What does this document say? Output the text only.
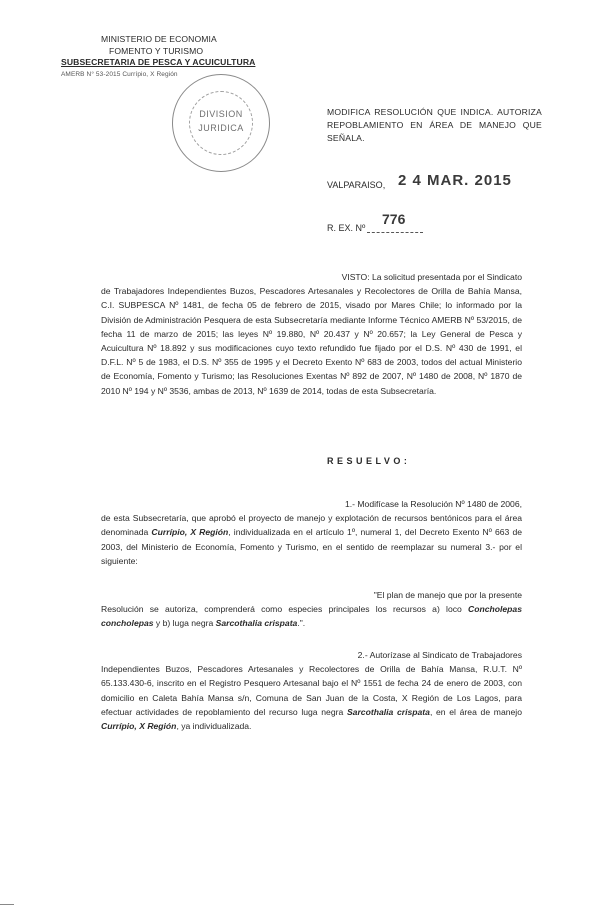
MINISTERIO DE ECONOMIA
FOMENTO Y TURISMO
SUBSECRETARIA DE PESCA Y ACUICULTURA
AMERB N° 53-2015 Currípio, X Región
DIVISION
JURIDICA
MODIFICA RESOLUCIÓN QUE INDICA. AUTORIZA REPOBLAMIENTO EN ÁREA DE MANEJO QUE SEÑALA.
VALPARAISO, 2 4 MAR. 2015
R. EX. Nº
776
VISTO: La solicitud presentada por el Sindicato
de Trabajadores Independientes Buzos, Pescadores Artesanales y Recolectores de Orilla de Bahía Mansa, C.I. SUBPESCA Nº 1481, de fecha 05 de febrero de 2015, visado por Mares Chile; lo informado por la División de Administración Pesquera de esta Subsecretaría mediante Informe Técnico AMERB Nº 53/2015, de fecha 11 de marzo de 2015; las leyes Nº 19.880, Nº 20.437 y Nº 20.657; la Ley General de Pesca y Acuicultura Nº 18.892 y sus modificaciones cuyo texto refundido fue fijado por el D.S. Nº 430 de 1991, el D.F.L. Nº 5 de 1983, el D.S. Nº 355 de 1995 y el Decreto Exento Nº 683 de 2003, todos del actual Ministerio de Economía, Fomento y Turismo; las Resoluciones Exentas Nº 892 de 2007, Nº 1480 de 2008, Nº 1870 de 2010 Nº 194 y Nº 3536, ambas de 2013, Nº 1639 de 2014, todas de esta Subsecretaría.
RESUELVO:
1.- Modifícase la Resolución Nº 1480 de 2006,
de esta Subsecretaría, que aprobó el proyecto de manejo y explotación de recursos bentónicos para el área denominada Currípio, X Región, individualizada en el artículo 1º, numeral 1, del Decreto Exento Nº 663 de 2003, del Ministerio de Economía, Fomento y Turismo, en el sentido de reemplazar su numeral 3.- por el siguiente:
"El plan de manejo que por la presente
Resolución se autoriza, comprenderá como especies principales los recursos a) loco Concholepas concholepas y b) luga negra Sarcothalia crispata.".
2.- Autorízase al Sindicato de Trabajadores
Independientes Buzos, Pescadores Artesanales y Recolectores de Orilla de Bahía Mansa, R.U.T. Nº 65.133.430-6, inscrito en el Registro Pesquero Artesanal bajo el Nº 1551 de fecha 24 de enero de 2003, con domicilio en Caleta Bahía Mansa s/n, Comuna de San Juan de la Costa, X Región de Los Lagos, para efectuar actividades de repoblamiento del recurso luga negra Sarcothalia crispata, en el área de manejo Currípio, X Región, ya individualizada.
